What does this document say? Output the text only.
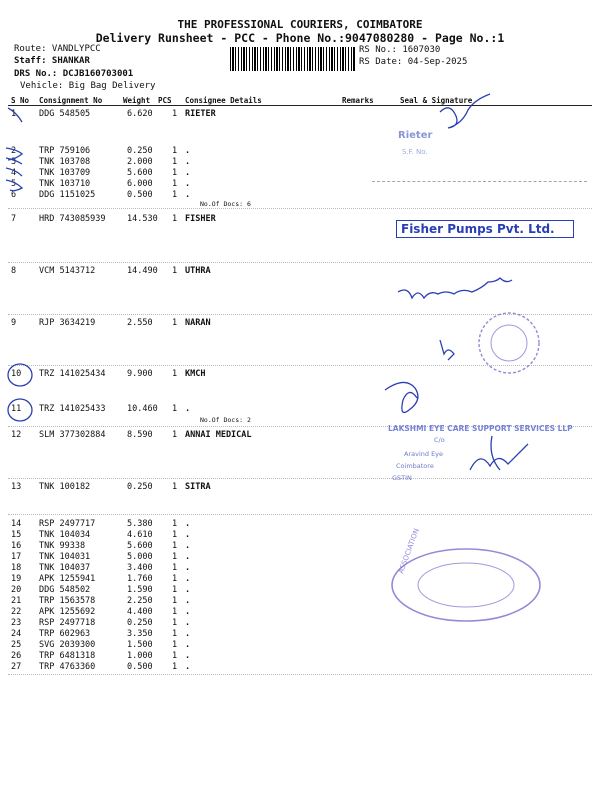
THE PROFESSIONAL COURIERS, COIMBATORE
Delivery Runsheet - PCC - Phone No.:9047080280 - Page No.:1
Route: VANDLYPCC
Staff: SHANKAR
DRS No.: DCJB160703001
Vehicle: Big Bag Delivery
RS No.: 1607030
RS Date: 04-Sep-2025
S No Consignment No	Weight PCS Consignee Details	Remarks	Seal & Signature
1	DDG 548505	6.620 1 RIETER
2	TRP 759106	0.250 1 .
3	TNK 103708	2.000 1 .
4	TNK 103709	5.600 1 .
5	TNK 103710	6.000 1 .
6	DDG 1151025	0.500 1 .
7	HRD 743085939	14.530 1 FISHER
8	VCM 5143712	14.490 1 UTHRA
9	RJP 3634219	2.550 1 NARAN
10 TRZ 141025434	9.900 1 KMCH
11 TRZ 141025433	10.460 1 .
12 SLM 377302884	8.590 1 ANNAI MEDICAL
13 TNK 100182	0.250 1 SITRA
14 RSP 2497717	5.380 1 .
15 TNK 104034	4.610 1 .
16 TNK 99338	5.600 1 .
17 TNK 104031	5.000 1 .
18 TNK 104037	3.400 1 .
19 APK 1255941	1.760 1 .
20 DDG 548502	1.590 1 .
21 TRP 1563578	2.250 1 .
22 APK 1255692	4.400 1 .
23 RSP 2497718	0.250 1 .
24 TRP 602963	3.350 1 .
25 SVG 2039300	1.500 1 .
26 TRP 6481318	1.000 1 .
27 TRP 4763360	0.500 1 .
No.Of Docs: 6
No.Of Docs: 2
Rieter
S.F. No.
Fisher Pumps Pvt. Ltd.
LAKSHMI EYE CARE SUPPORT SERVICES LLP
C/o
Aravind Eye
Coimbatore
GSTIN
ASSOCIATION
